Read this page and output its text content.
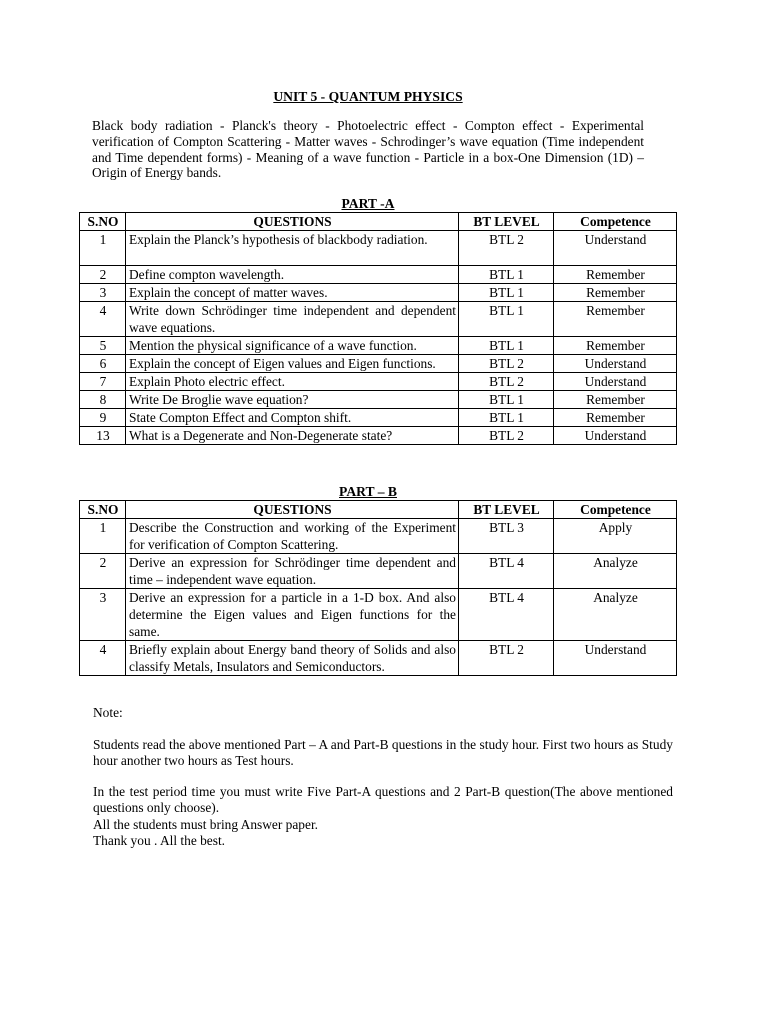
UNIT 5 - QUANTUM PHYSICS
Black body radiation - Planck's theory - Photoelectric effect - Compton effect - Experimental verification of Compton Scattering - Matter waves - Schrodinger’s wave equation (Time independent and Time dependent forms) - Meaning of a wave function - Particle in a box-One Dimension (1D) – Origin of Energy bands.
PART -A
S.NO	QUESTIONS	BT LEVEL	Competence
1	Explain the Planck’s hypothesis of blackbody radiation.	BTL 2	Understand
2	Define compton wavelength.	BTL 1	Remember
3	Explain the concept of matter waves.	BTL 1	Remember
4	Write down Schrödinger time independent and dependent wave equations.	BTL 1	Remember
5	Mention the physical significance of a wave function.	BTL 1	Remember
6	Explain the concept of Eigen values and Eigen functions.	BTL 2	Understand
7	Explain Photo electric effect.	BTL 2	Understand
8	Write De Broglie wave equation?	BTL 1	Remember
9	State Compton Effect and Compton shift.	BTL 1	Remember
13	What is a Degenerate and Non-Degenerate state?	BTL 2	Understand
PART – B
S.NO	QUESTIONS	BT LEVEL	Competence
1	Describe the Construction and working of the Experiment for verification of Compton Scattering.	BTL 3	Apply
2	Derive an expression for Schrödinger time dependent and time – independent wave equation.	BTL 4	Analyze
3	Derive an expression for a particle in a 1-D box. And also determine the Eigen values and Eigen functions for the same.	BTL 4	Analyze
4	Briefly explain about Energy band theory of Solids and also classify Metals, Insulators and Semiconductors.	BTL 2	Understand
Note:
Students read the above mentioned Part – A and Part-B questions in the study hour. First two hours as Study hour another two hours as Test hours.
In the test period time you must write Five Part-A questions and 2 Part-B question(The above mentioned questions only choose).
All the students must bring Answer paper.
Thank you . All the best.
